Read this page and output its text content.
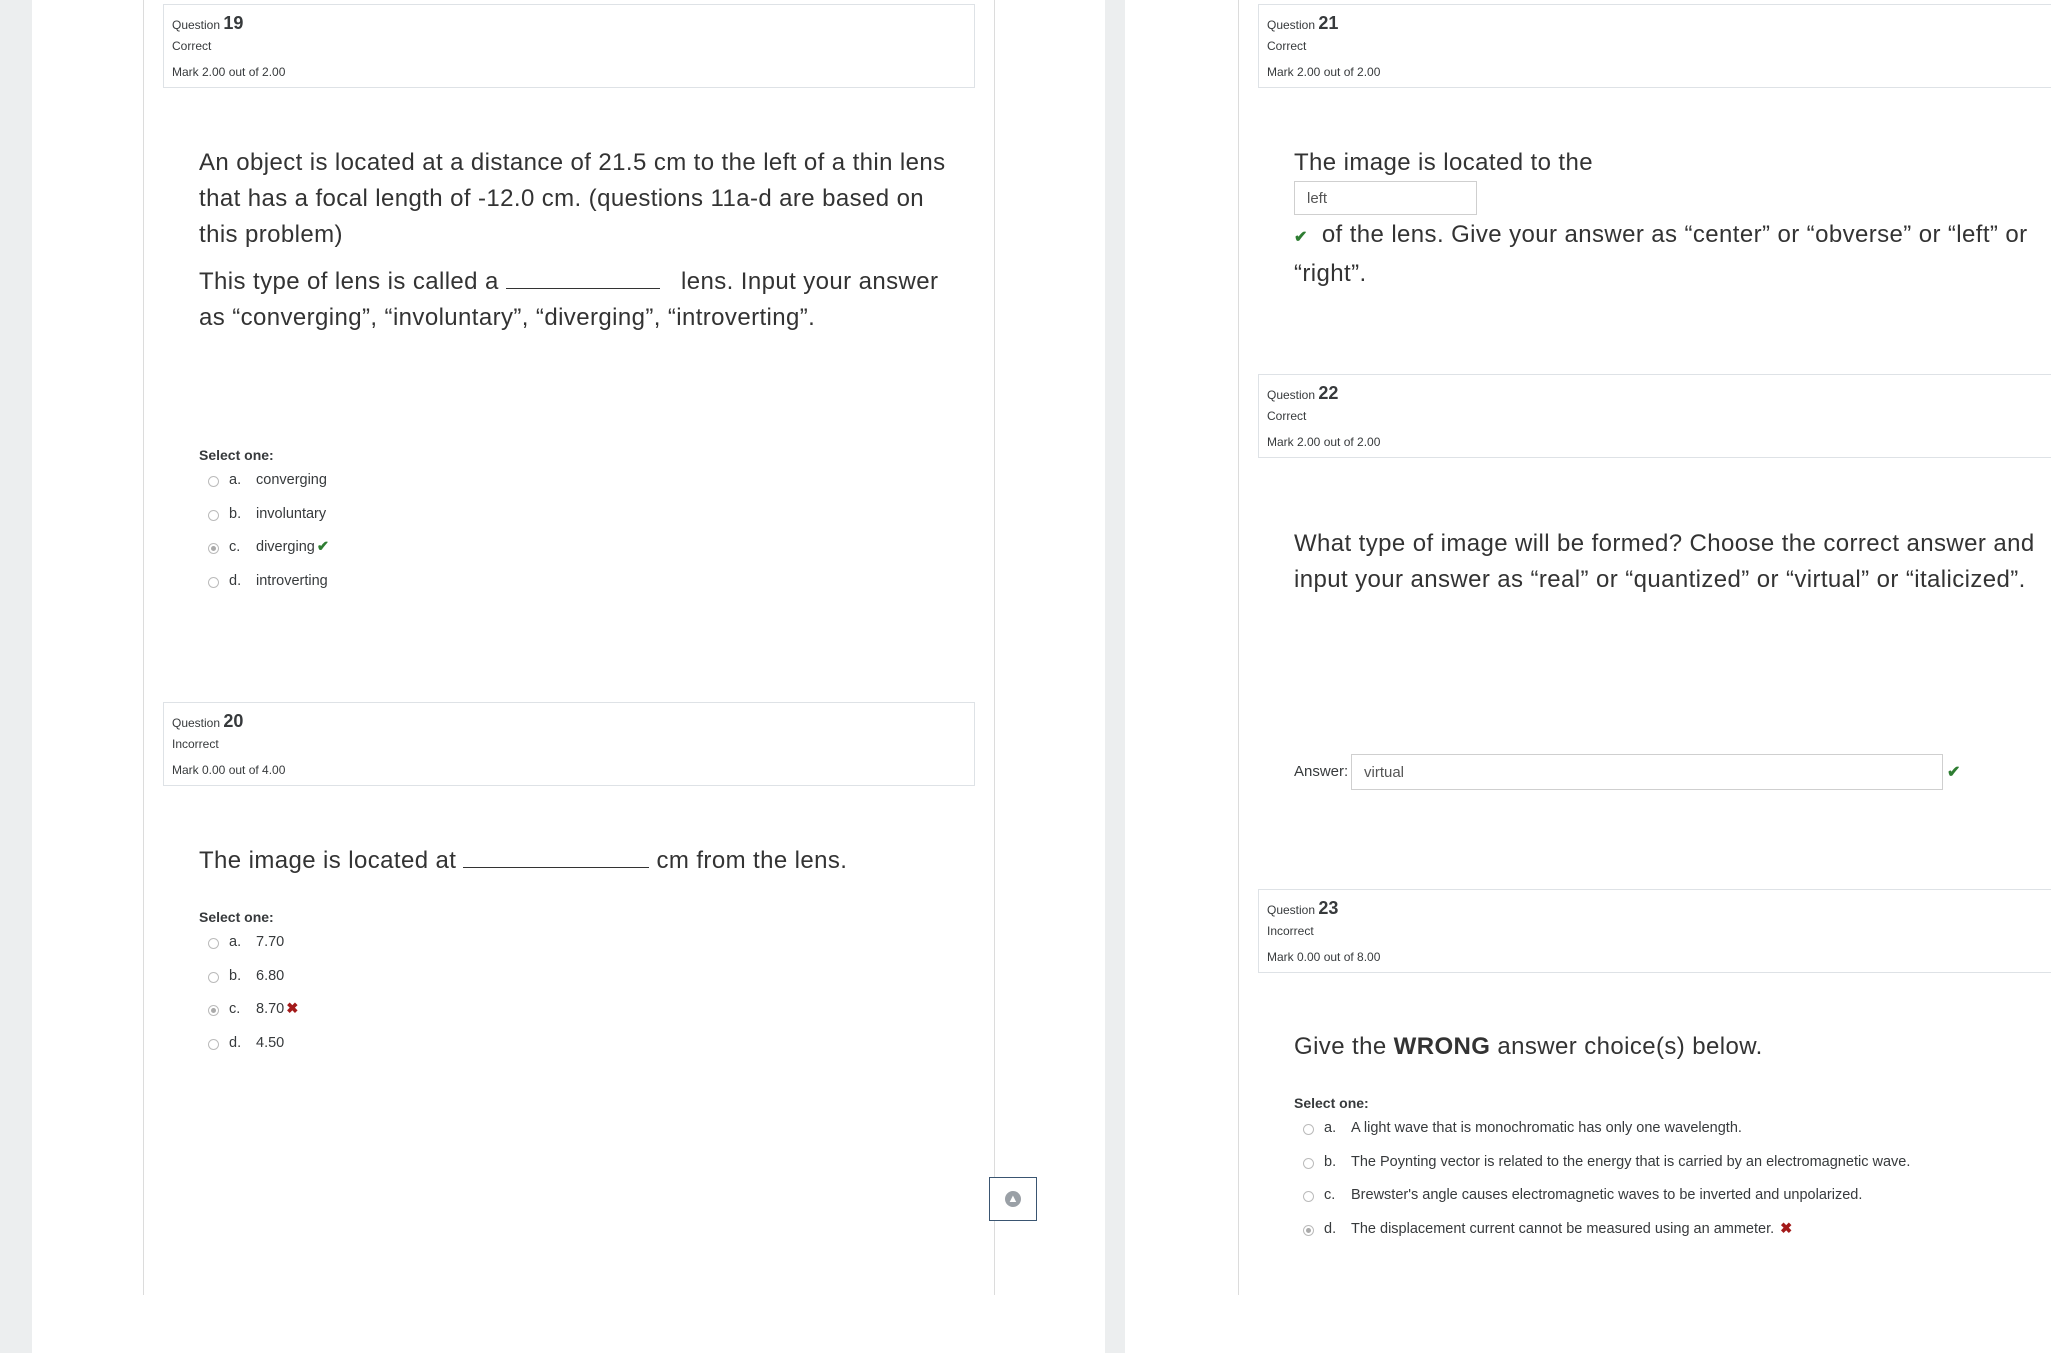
Question 19
Correct
Mark 2.00 out of 2.00

An object is located at a distance of 21.5 cm to the left of a thin lens that has a focal length of -12.0 cm. (questions 11a-d are based on this problem)

This type of lens is called a	lens. Input your answer as “converging”, “involuntary”, “diverging”, “introverting”.

Select one:
a.	converging
b.	involuntary
c.	diverging ✔
d.	introverting
Question 20
Incorrect
Mark 0.00 out of 4.00

The image is located at	cm from the lens.

Select one:
a.	7.70
b.	6.80
c.	8.70 ✖
d.	4.50
▲
Question 21
Correct
Mark 2.00 out of 2.00

The image is located to the

left

✔ of the lens. Give your answer as “center” or “obverse” or “left” or “right”.

Question 22
Correct
Mark 2.00 out of 2.00

What type of image will be formed? Choose the correct answer and input your answer as “real” or “quantized” or “virtual” or “italicized”.

Answer:
virtual	✔
Question 23
Incorrect
Mark 0.00 out of 8.00

Give the WRONG answer choice(s) below.

Select one:
a.	A light wave that is monochromatic has only one wavelength.
b.	The Poynting vector is related to the energy that is carried by an electromagnetic wave.
c.	Brewster's angle causes electromagnetic waves to be inverted and unpolarized.
d.	The displacement current cannot be measured using an ammeter. ✖
